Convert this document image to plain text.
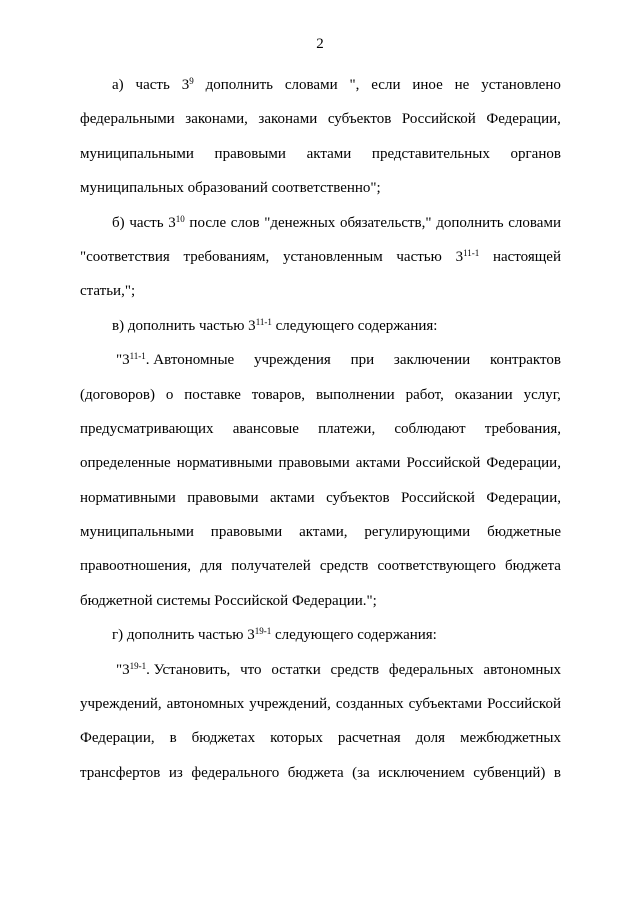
2
а) часть $3^9$ дополнить словами ", если иное не установлено
федеральными законами, законами субъектов Российской Федерации,
муниципальными правовыми актами представительных органов
муниципальных образований соответственно";
б) часть $3^{10}$ после слов "денежных обязательств," дополнить словами
"соответствия требованиям, установленным частью 3$^{11-1}$ настоящей
статьи,";
в) дополнить частью 3$^{11-1}$ следующего содержания:
"3$^{11-1}$. Автономные учреждения при заключении контрактов
(договоров) о поставке товаров, выполнении работ, оказании услуг,
предусматривающих авансовые платежи, соблюдают требования,
определенные нормативными правовыми актами Российской Федерации,
нормативными правовыми актами субъектов Российской Федерации,
муниципальными правовыми актами, регулирующими бюджетные
правоотношения, для получателей средств соответствующего бюджета
бюджетной системы Российской Федерации.";
г) дополнить частью 3$^{19-1}$ следующего содержания:
"3$^{19-1}$. Установить, что остатки средств федеральных автономных
учреждений, автономных учреждений, созданных субъектами Российской
Федерации, в бюджетах которых расчетная доля межбюджетных
трансфертов из федерального бюджета (за исключением субвенций) в
